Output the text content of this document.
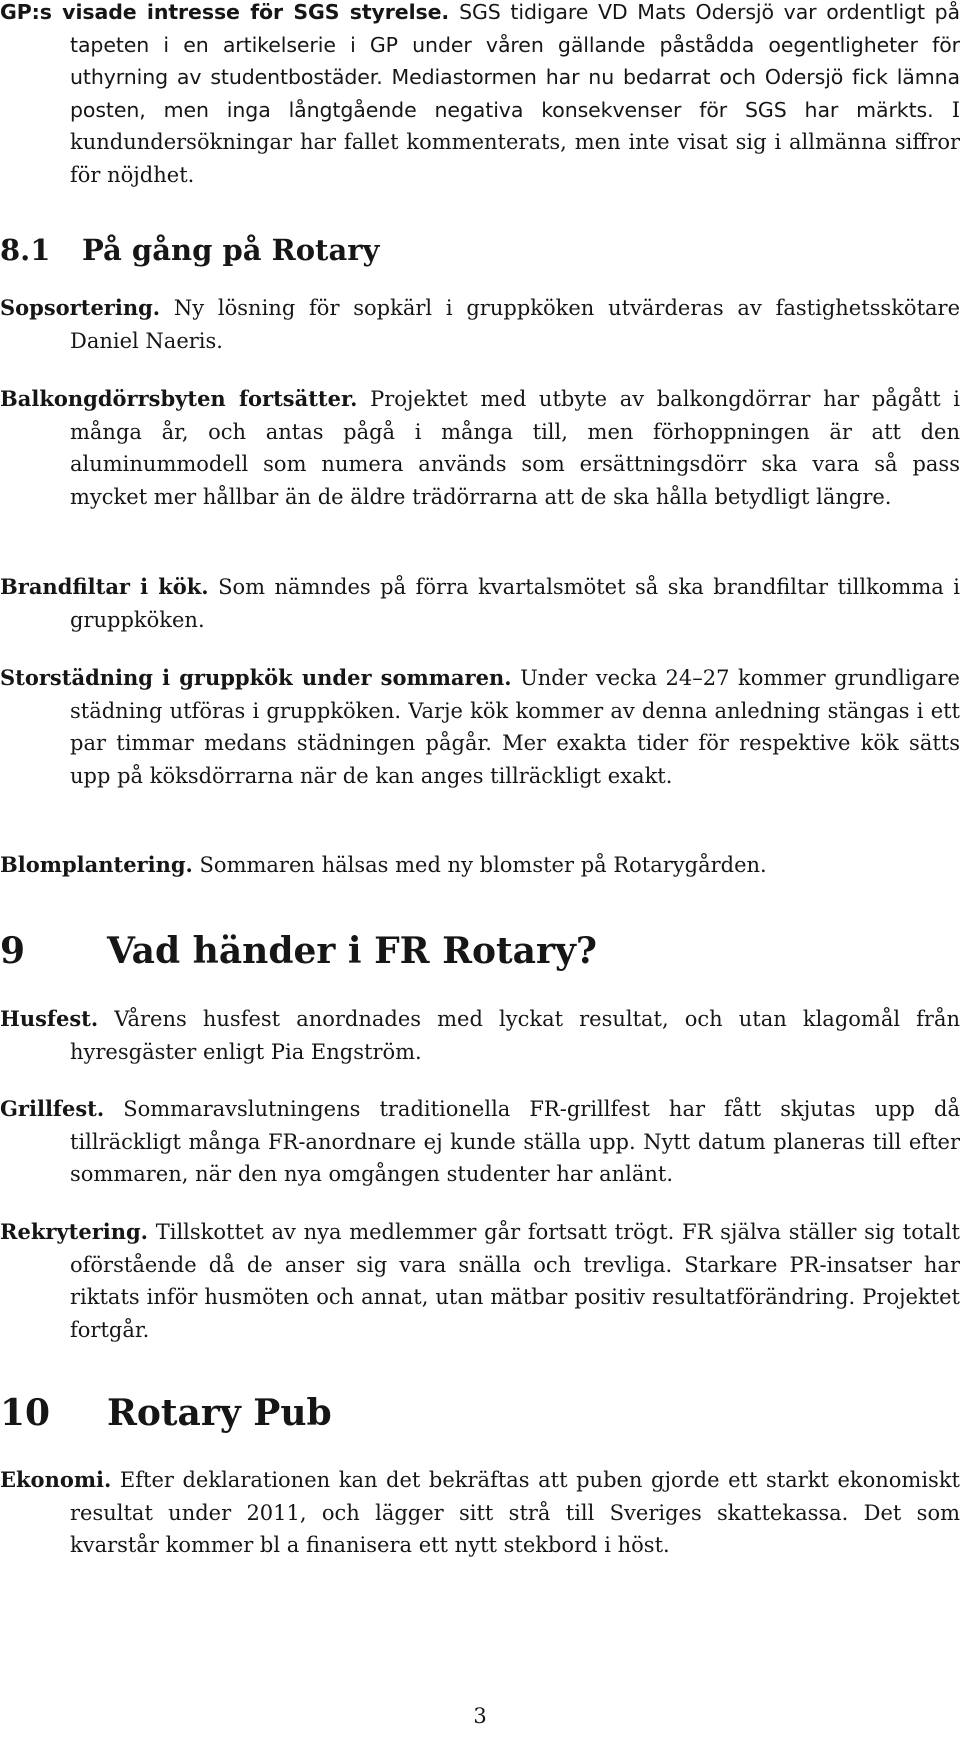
GP:s visade intresse för SGS styrelse. SGS tidigare VD Mats Odersjö var ordentligt på tapeten i en artikelserie i GP under våren gällande påstådda oegentligheter för uthyrning av studentbostäder. Mediastormen har nu bedarrat och Odersjö fick lämna posten, men inga långtgående negativa konsekvenser för SGS har märkts. I kundundersökningar har fallet kommenterats, men inte visat sig i allmänna siffror för nöjdhet.
8.1 På gång på Rotary
Sopsortering. Ny lösning för sopkärl i gruppköken utvärderas av fastighetsskötare Daniel Naeris.
Balkongdörrsbyten fortsätter. Projektet med utbyte av balkongdörrar har pågått i många år, och antas pågå i många till, men förhoppningen är att den aluminummodell som numera används som ersättningsdörr ska vara så pass mycket mer hållbar än de äldre trädörrarna att de ska hålla betydligt längre.
Brandfiltar i kök. Som nämndes på förra kvartalsmötet så ska brandfiltar tillkomma i gruppköken.
Storstädning i gruppkök under sommaren. Under vecka 24–27 kommer grundligare städning utföras i gruppköken. Varje kök kommer av denna anledning stängas i ett par timmar medans städningen pågår. Mer exakta tider för respektive kök sätts upp på köksdörrarna när de kan anges tillräckligt exakt.
Blomplantering. Sommaren hälsas med ny blomster på Rotarygården.
9 Vad händer i FR Rotary?
Husfest. Vårens husfest anordnades med lyckat resultat, och utan klagomål från hyresgäster enligt Pia Engström.
Grillfest. Sommaravslutningens traditionella FR-grillfest har fått skjutas upp då tillräckligt många FR-anordnare ej kunde ställa upp. Nytt datum planeras till efter sommaren, när den nya omgången studenter har anlänt.
Rekrytering. Tillskottet av nya medlemmer går fortsatt trögt. FR själva ställer sig totalt oförstående då de anser sig vara snälla och trevliga. Starkare PR-insatser har riktats inför husmöten och annat, utan mätbar positiv resultatförändring. Projektet fortgår.
10 Rotary Pub
Ekonomi. Efter deklarationen kan det bekräftas att puben gjorde ett starkt ekonomiskt resultat under 2011, och lägger sitt strå till Sveriges skattekassa. Det som kvarstår kommer bl a finanisera ett nytt stekbord i höst.
3
